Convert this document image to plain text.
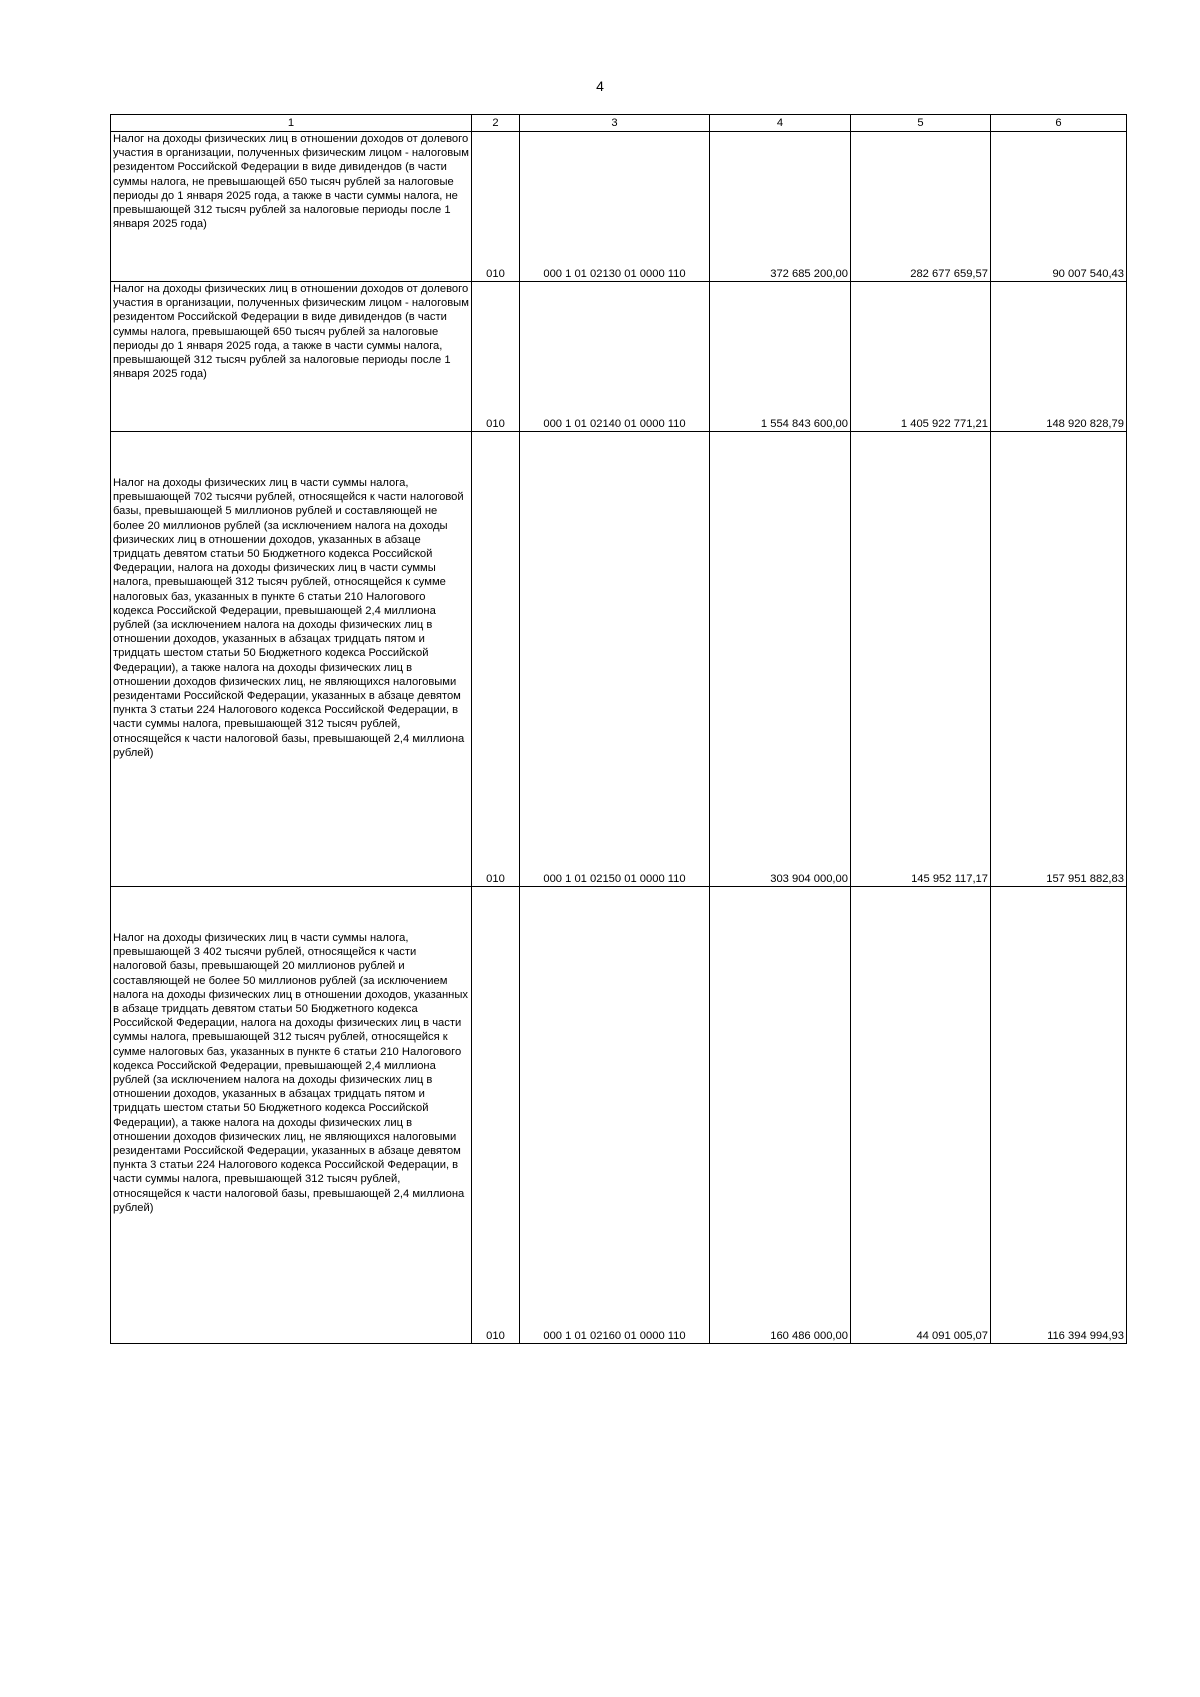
4
1	2	3	4	5	6
Налог на доходы физических лиц в отношении доходов от долевого участия в организации, полученных физическим лицом - налоговым резидентом Российской Федерации в виде дивидендов (в части суммы налога, не превышающей 650 тысяч рублей за налоговые периоды до 1 января 2025 года, а также в части суммы налога, не превышающей 312 тысяч рублей за налоговые периоды после 1 января 2025 года)	010	000 1 01 02130 01 0000 110	372 685 200,00	282 677 659,57	90 007 540,43
Налог на доходы физических лиц в отношении доходов от долевого участия в организации, полученных физическим лицом - налоговым резидентом Российской Федерации в виде дивидендов (в части суммы налога, превышающей 650 тысяч рублей за налоговые периоды до 1 января 2025 года, а также в части суммы налога, превышающей 312 тысяч рублей за налоговые периоды после 1 января 2025 года)	010	000 1 01 02140 01 0000 110	1 554 843 600,00	1 405 922 771,21	148 920 828,79
Налог на доходы физических лиц в части суммы налога, превышающей 702 тысячи рублей, относящейся к части налоговой базы, превышающей 5 миллионов рублей и составляющей не более 20 миллионов рублей (за исключением налога на доходы физических лиц в отношении доходов, указанных в абзаце тридцать девятом статьи 50 Бюджетного кодекса Российской Федерации, налога на доходы физических лиц в части суммы налога, превышающей 312 тысяч рублей, относящейся к сумме налоговых баз, указанных в пункте 6 статьи 210 Налогового кодекса Российской Федерации, превышающей 2,4 миллиона рублей (за исключением налога на доходы физических лиц в отношении доходов, указанных в абзацах тридцать пятом и тридцать шестом статьи 50 Бюджетного кодекса Российской Федерации), а также налога на доходы физических лиц в отношении доходов физических лиц, не являющихся налоговыми резидентами Российской Федерации, указанных в абзаце девятом пункта 3 статьи 224 Налогового кодекса Российской Федерации, в части суммы налога, превышающей 312 тысяч рублей, относящейся к части налоговой базы, превышающей 2,4 миллиона рублей)	010	000 1 01 02150 01 0000 110	303 904 000,00	145 952 117,17	157 951 882,83
Налог на доходы физических лиц в части суммы налога, превышающей 3 402 тысячи рублей, относящейся к части налоговой базы, превышающей 20 миллионов рублей и составляющей не более 50 миллионов рублей (за исключением налога на доходы физических лиц в отношении доходов, указанных в абзаце тридцать девятом статьи 50 Бюджетного кодекса Российской Федерации, налога на доходы физических лиц в части суммы налога, превышающей 312 тысяч рублей, относящейся к сумме налоговых баз, указанных в пункте 6 статьи 210 Налогового кодекса Российской Федерации, превышающей 2,4 миллиона рублей (за исключением налога на доходы физических лиц в отношении доходов, указанных в абзацах тридцать пятом и тридцать шестом статьи 50 Бюджетного кодекса Российской Федерации), а также налога на доходы физических лиц в отношении доходов физических лиц, не являющихся налоговыми резидентами Российской Федерации, указанных в абзаце девятом пункта 3 статьи 224 Налогового кодекса Российской Федерации, в части суммы налога, превышающей 312 тысяч рублей, относящейся к части налоговой базы, превышающей 2,4 миллиона рублей)	010	000 1 01 02160 01 0000 110	160 486 000,00	44 091 005,07	116 394 994,93
